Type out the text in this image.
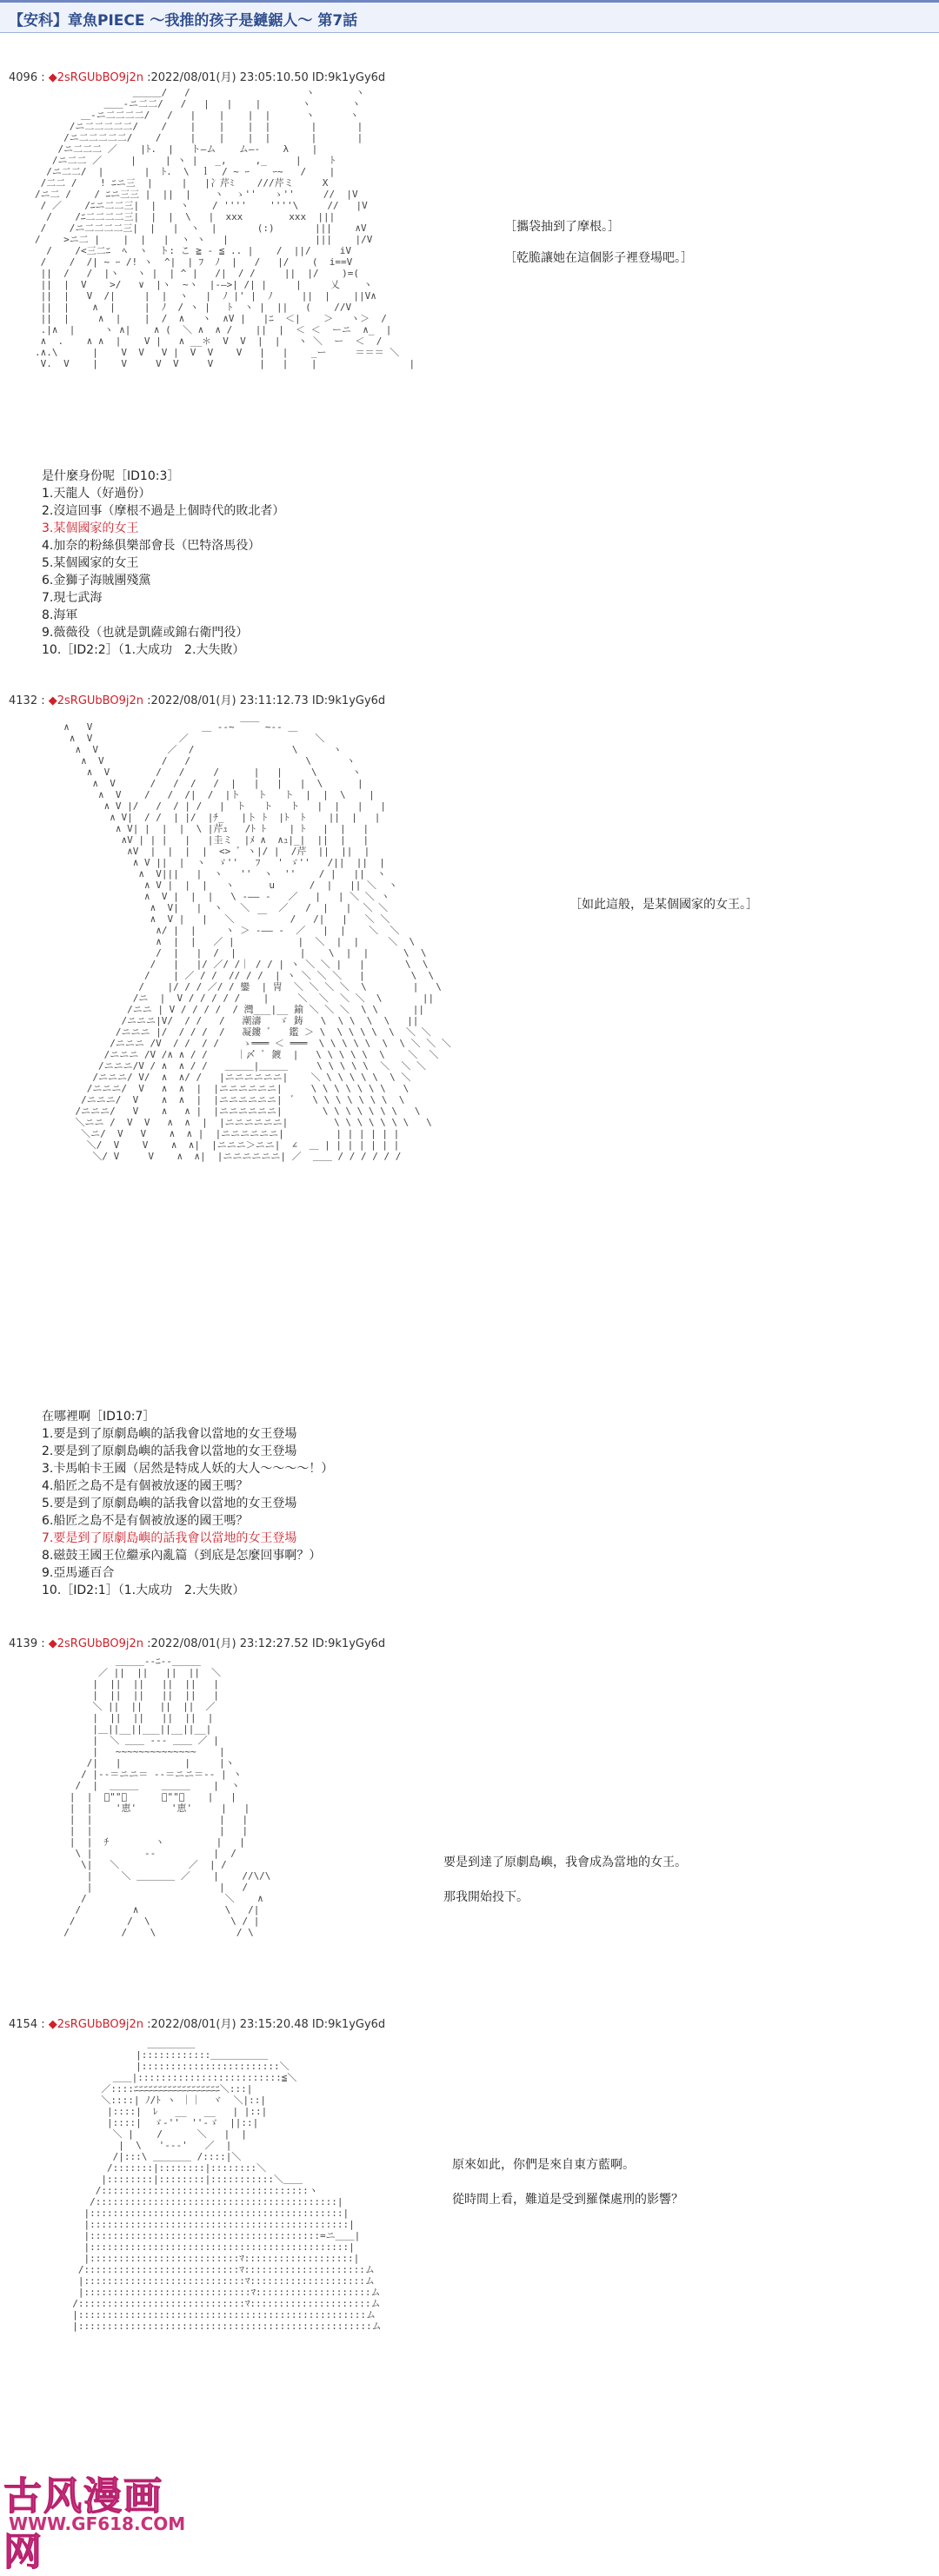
【安科】章魚PIECE ～我推的孩子是鏈鋸人～ 第7話
4096 : ◆2sRGUbBO9j2n :2022/08/01(月) 23:05:10.50 ID:9k1yGy6d
＿＿＿/   /                    ヽ       ヽ
＿＿-ニ二二/   /   |   |    |       ヽ       ヽ
＿-ニ二二二二/   /   |    |    |  |      ヽ      ヽ
/ニ二二二二二/    /    |    |    |  |       |       |
/ニ二二二二二/    /     |    |    |  |       |       |
/ニ二二二 ／    |ﾄ.  |   ト—ム    ム—‐    λ    |
/ニ二二 ／     |     | ヽ |   _,     ,_     |     ﾄ
/ニ二二/  |       |  ﾄ.  \  ｌ  / ~ ｰ    ｰ~   /    |
/二二 /    ! ﾆニ三  |     |   |冫芹ﾐ    ///芹ミ     X
/ニ二 /    / ﾆニ三三 |  ||  |    ヽ  ゝ''   ゝ''     //  |V
/ ／    /ﾆニ二二三|  |    ヽ    / ''''    ''''\     //   |V
/    /ﾆ二二二二三|  |  |  \   |  xxx        xxx  |||
/    /ニ二二二二三|  |   |  ヽ  |       (:)       |||    ∧V
/    >ニ二 |    |  |   |  ヽ ヽ   |               |||    |/V
/    /<三二ﾆ  ﾍ  ヽ  ト: こ ≧ - ≦ .. |    /  ||/     iV
/    /  /| ~ ｰ /! ヽ  ^|  | ﾌ  ﾉ  |   /   |/    (  i==V
||  /   /  |ヽ   ヽ |  | ^ |   /|  / /     ||  |/    )=(
||  |  V    >/   ∨  |ヽ  ~ヽ  |-—>| /| |     |     乂    ヽ
||  |   V  /|     |  |  ヽ   |  ﾉ |' |  ﾉ     ||  |    ||V∧
||  |    ∧  |     |  ﾉ  / ヽ |   ﾄ  ヽ |  ||   (    //V
||  |     ∧  |    |  /  ∧   ヽ  ∧V |   |ﾆ  ＜|    ＞   ヽ＞  /
.|∧  |     ヽ ∧|    ∧ (  ＼ ∧  ∧ /    ||  |  ＜ ＜  ーニ  ∧_  |
∧  .    ∧ ∧  |    V |   ∧ __＊  V  V  |  |   ヽ ＼  ー  ＜  /
.∧.\      |    V  V   V |  V  V    V   |   |    _ー     ＝＝＝ ＼
V.  V    |    V     V  V     V        |   |    |                |

［攜袋抽到了摩根。］
［乾脆讓她在這個影子裡登場吧。］
是什麼身份呢［ID10:3］
1.天龍人（好過份）
2.沒這回事（摩根不過是上個時代的敗北者）
3.某個國家的女王
4.加奈的粉絲俱樂部會長（巴特洛馬役）
5.某個國家的女王
6.金獅子海賊團殘黨
7.現七武海
8.海軍
9.薇薇役（也就是凱薩或錦右衛門役）
10.［ID2:2］（1.大成功　2.大失敗）
4132 : ◆2sRGUbBO9j2n :2022/08/01(月) 23:11:12.73 ID:9k1yGy6d
∧   V                   ＿ -‐~ ￣￣ ~‐- ＿
∧  V               ／                      ＼
∧  V            ／  /                 \      ヽ
∧  V          /   /                    \      ヽ
∧  V        /   /     /      |   |     \      ヽ
∧  V      /   /  /   /  |   |   |   |  \      |
∧  V    /   /  /|  /  |ト   ト   ト  |  |  \    |
∧ V |/   /  / | /   |  ト   ト   ト   |  |   |   |
∧ V|  / /  | |/  |ﾁ_   |ト ﾄ  |ﾄ  ﾄ    ||  |   |
∧ V| |  |  |  \ |芹ｭ   /ﾄ ﾄ    | ﾄ   |  |   |
∧V | | |   |   |圭ミ  |ﾒ ∧  ∧ｭ|_|  ||  |   |
∧V  |  |  |  |  <> ﾞ ヽ|/ |  /芹  ||  ||  |
∧ V ||  |  ヽ  ゞ''   ﾌ   ' ゞ''   /||  ||  |
∧  V|||   |  ヽ   ''  ヽ  ''    / |   ||  ヽ
∧ V |  |  |   ヽ      u      /  |   || ＼  ヽ
∧  V |  |  |   \ -—— -   ／   |   | ＼ ＼ ヽ
∧  V|   |  ヽ   ＼     ／   /  |   |  ＼ ＼
∧  V |   |   ＼    ￣    /   /|   |   ＼ ＼
∧/ |  |     ヽ ＞ -—— -  ／   |  |    ＼  ＼
∧  |  |   ／ |           |  ＼  |  |     ＼  \
/  |   |  /  |           |    \  |  |      \  \
/   |   |/ ／/ /｜ / / | ヽ ＼ ＼ |   |       \  \
/    | ／ / /  // / /  | ヽ ＼ ＼ ＼   |        \  \
/    |/ / / ／/ / 鑾  | 冑  ＼ ＼ ＼ ＼  \        |   \
/ニ  |  V / / / / /    |     ＼  ＼  ＼ ＼  \       ||
/ニニ | V / / / /  / 灣___|__ 鍮 ＼ ＼ ＼  \ \      ||
/ニニニ|V/  / /   /   潮濤   ゞ 鋳   \  \ \  \  \   ||
/ニニニ |/  / / /  /   凝鏤 ﾞ   鑑 ＞ \  \ \ \ \  \  ＼ ＼
/ニニニ /V  / /  / /    ゝ═══ ＜ ═══  \ \ \ \ \  \  \ ＼ ＼ ＼
/ニニニ /V /∧ ∧ / /     ｜〆 ﾞ 鍍  |   \ \ \ \ \  \    ＼  ＼
/ニニニ/V / ∧  ∧ / /   ＿＿＿|＿＿＿     \ \ \ \ \  ＼  ＼ ＼
/ニニニ/ V/  ∧  ∧/ /   |ニニニニニニ|    ＼ \ \ \ \ \  \ ＼
/ニニニ/  V   ∧  ∧  |  |ニニニニニニ|     \ \ \ \ \ \ \   \
/ニニニ/  V    ∧  ∧  |  |ニニニニニニ|  ﾞ   \ \ \ \ \ \ \  \
/ニニニ/   V    ∧   ∧ |  |ニニニニニニ|       \ \ \ \ \ \ \   \
＼ニニ /  V  V   ∧  ∧  |  |ニニニニニニ|        \ \ \ \ \ \ \   \
＼ニ/  V   V    ∧  ∧ |  |ニニニニニニ|         | | | | | |
＼/  V    V    ∧  ∧|  |ニニニ＞ニニ|  ∠  ＿ | | | | | | |
＼/ V     V    ∧  ∧|  |ニニニニニニ| ／  ＿＿ / / / / / /

［如此這般，是某個國家的女王。］
在哪裡啊［ID10:7］
1.要是到了原劇島嶼的話我會以當地的女王登場
2.要是到了原劇島嶼的話我會以當地的女王登場
3.卡馬帕卡王國（居然是特成人妖的大人～～～～！）
4.船匠之島不是有個被放逐的國王嗎？
5.要是到了原劇島嶼的話我會以當地的女王登場
6.船匠之島不是有個被放逐的國王嗎？
7.要是到了原劇島嶼的話我會以當地的女王登場
8.磁鼓王國王位繼承內亂篇（到底是怎麼回事啊？）
9.亞馬遜百合
10.［ID2:1］（1.大成功　2.大失敗）
4139 : ◆2sRGUbBO9j2n :2022/08/01(月) 23:12:27.52 ID:9k1yGy6d
＿＿＿-‐ﾆ‐-＿＿＿
／ ||  ||   ||  ||  ＼
|  ||  ||   ||  ||   |
|  ||  ||   ||  ||   |
＼ ||  ||   ||  ||  ／
|  ||  ||   ||  ||  |
|＿||__||___||__||__|
|  ＼ ＿＿ ‐-‐ ＿＿ ／ |
|   ~~~~~~~~~~~~~~    |
/|   |           |     |ヽ
/ |--＝ニニ＝ ‐-＝ニニ＝-- | ヽ
/  |  ＿＿＿    ＿＿＿    |  ヽ
|  |  ﾞ""ﾞ      ﾞ""ﾞ    |   |
|  |    '恵'      '恵'     |   |
|  |                      |   |
|  |                      |   |
|  |  ﾁ        ヽ         |   |
\ |         ‐‐          |  /
\|   ＼            ／  | /
|     ＼ ＿＿＿＿ ／    |    //\/\
|                      |   /
/                        ＼    ∧
/         ∧               \   /|
/         /  \              \ / |
/         /    \              / \

要是到達了原劇島嶼，我會成為當地的女王。
那我開始投下。
4154 : ◆2sRGUbBO9j2n :2022/08/01(月) 23:15:20.48 ID:9k1yGy6d
＿＿＿＿＿
|::::::::::::＿＿＿＿＿＿
|::::::::::::::::::::::::＼
＿＿|:::::::::::::::::::::::::≦＼
／::::ﾆﾆﾆﾆﾆﾆﾆﾆﾆﾆﾆﾆﾆﾆﾆﾆﾆﾆ＼:::|
＼::::| ﾉ/ﾄ ヽ ｜｜  ヾ  ＼|::|
|::::|  ﾚ   __   __   | |::|
|::::|  ゞ‐''  ''‐ゞ  ||::|
＼ |    /      ＼   |  |
|  \   '‐‐‐'   ／  |
/|:::\ ＿＿＿＿ /::::|＼
/:::::::|::::::::|::::::::＼
|::::::::|::::::::|:::::::::::＼＿＿
/::::::::::::::::::::::::::::::::::::ヽ
/::::::::::::::::::::::::::::::::::::::::::|
|::::::::::::::::::::::::::::::::::::::::::::|
|:::::::::::::::::::::::::::::::::::::::::::::|
|::::::::::::::::::::::::::::::::::::::::=ニ＿＿|
|:::::::::::::::::::::::::::::::::::::::::::::|
|::::::::::::::::::::::::::ﾏ:::::::::::::::::::|
/:::::::::::::::::::::::::::ﾏ:::::::::::::::::::::ム
|::::::::::::::::::::::::::::ﾏ::::::::::::::::::::ム
|:::::::::::::::::::::::::::::ﾏ::::::::::::::::::::ム
/:::::::::::::::::::::::::::::ﾏ:::::::::::::::::::::ム
|::::::::::::::::::::::::::::::::::::::::::::::::::ム
|:::::::::::::::::::::::::::::::::::::::::::::::::::ム

原來如此，你們是來自東方藍啊。
從時間上看，難道是受到羅傑處刑的影響？
古风漫画网
WWW.GF618.COM
